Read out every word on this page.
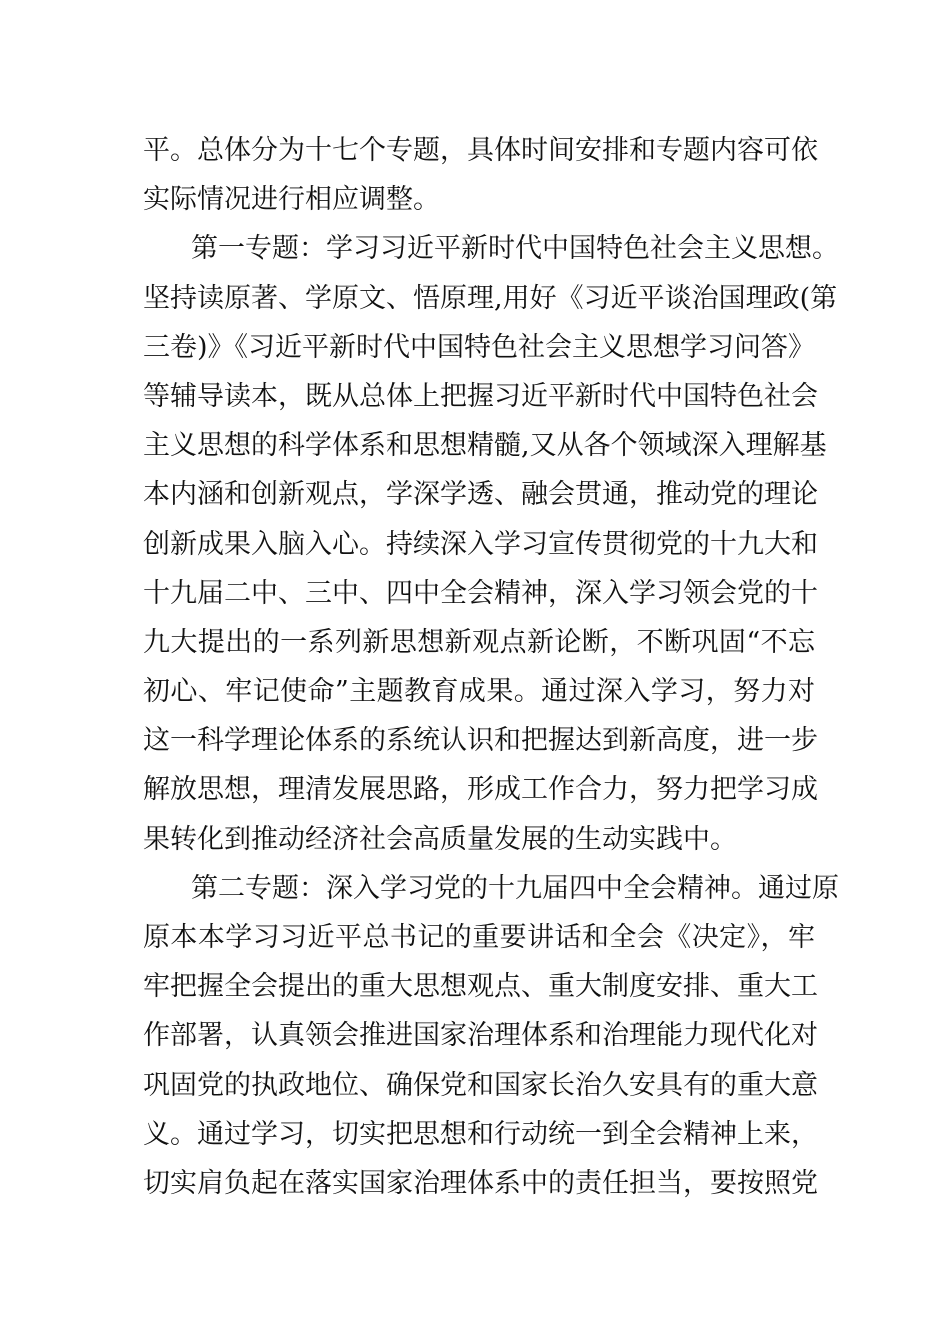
平。总体分为十七个专题，具体时间安排和专题内容可依
实际情况进行相应调整。
第一专题：学习习近平新时代中国特色社会主义思想。
坚持读原著、学原文、悟原理,用好《习近平谈治国理政(第
三卷)》《习近平新时代中国特色社会主义思想学习问答》
等辅导读本，既从总体上把握习近平新时代中国特色社会
主义思想的科学体系和思想精髓,又从各个领域深入理解基
本内涵和创新观点，学深学透、融会贯通，推动党的理论
创新成果入脑入心。持续深入学习宣传贯彻党的十九大和
十九届二中、三中、四中全会精神，深入学习领会党的十
九大提出的一系列新思想新观点新论断，不断巩固“不忘
初心、牢记使命”主题教育成果。通过深入学习，努力对
这一科学理论体系的系统认识和把握达到新高度，进一步
解放思想，理清发展思路，形成工作合力，努力把学习成
果转化到推动经济社会高质量发展的生动实践中。
第二专题：深入学习党的十九届四中全会精神。通过原
原本本学习习近平总书记的重要讲话和全会《决定》，牢
牢把握全会提出的重大思想观点、重大制度安排、重大工
作部署，认真领会推进国家治理体系和治理能力现代化对
巩固党的执政地位、确保党和国家长治久安具有的重大意
义。通过学习，切实把思想和行动统一到全会精神上来，
切实肩负起在落实国家治理体系中的责任担当，要按照党
